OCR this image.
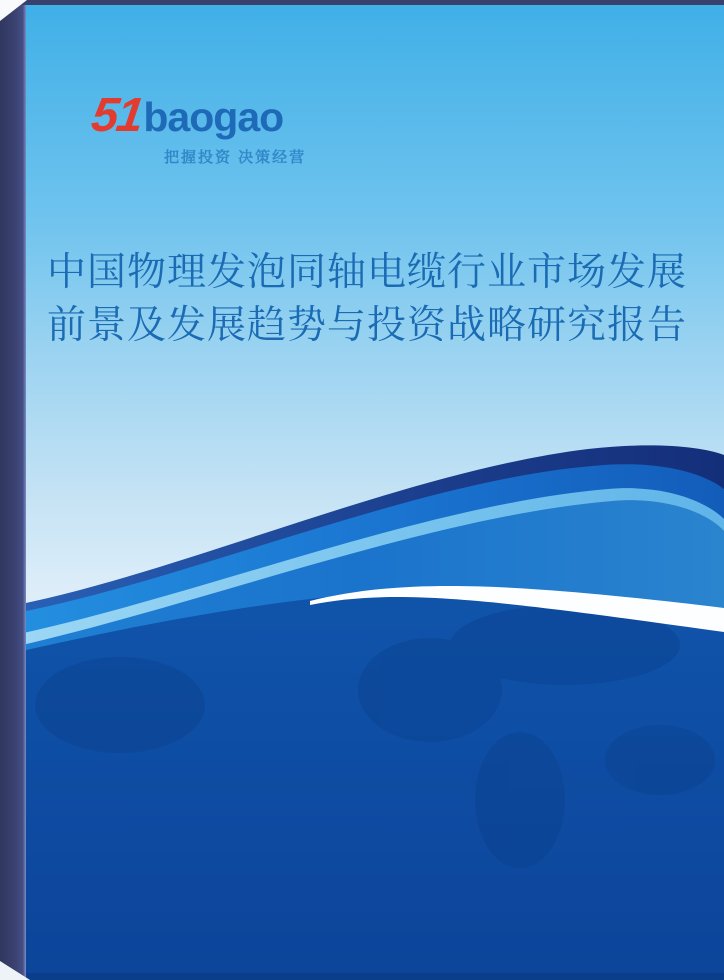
51baogao
把握投资 决策经营
中国物理发泡同轴电缆行业市场发展
前景及发展趋势与投资战略研究报告
